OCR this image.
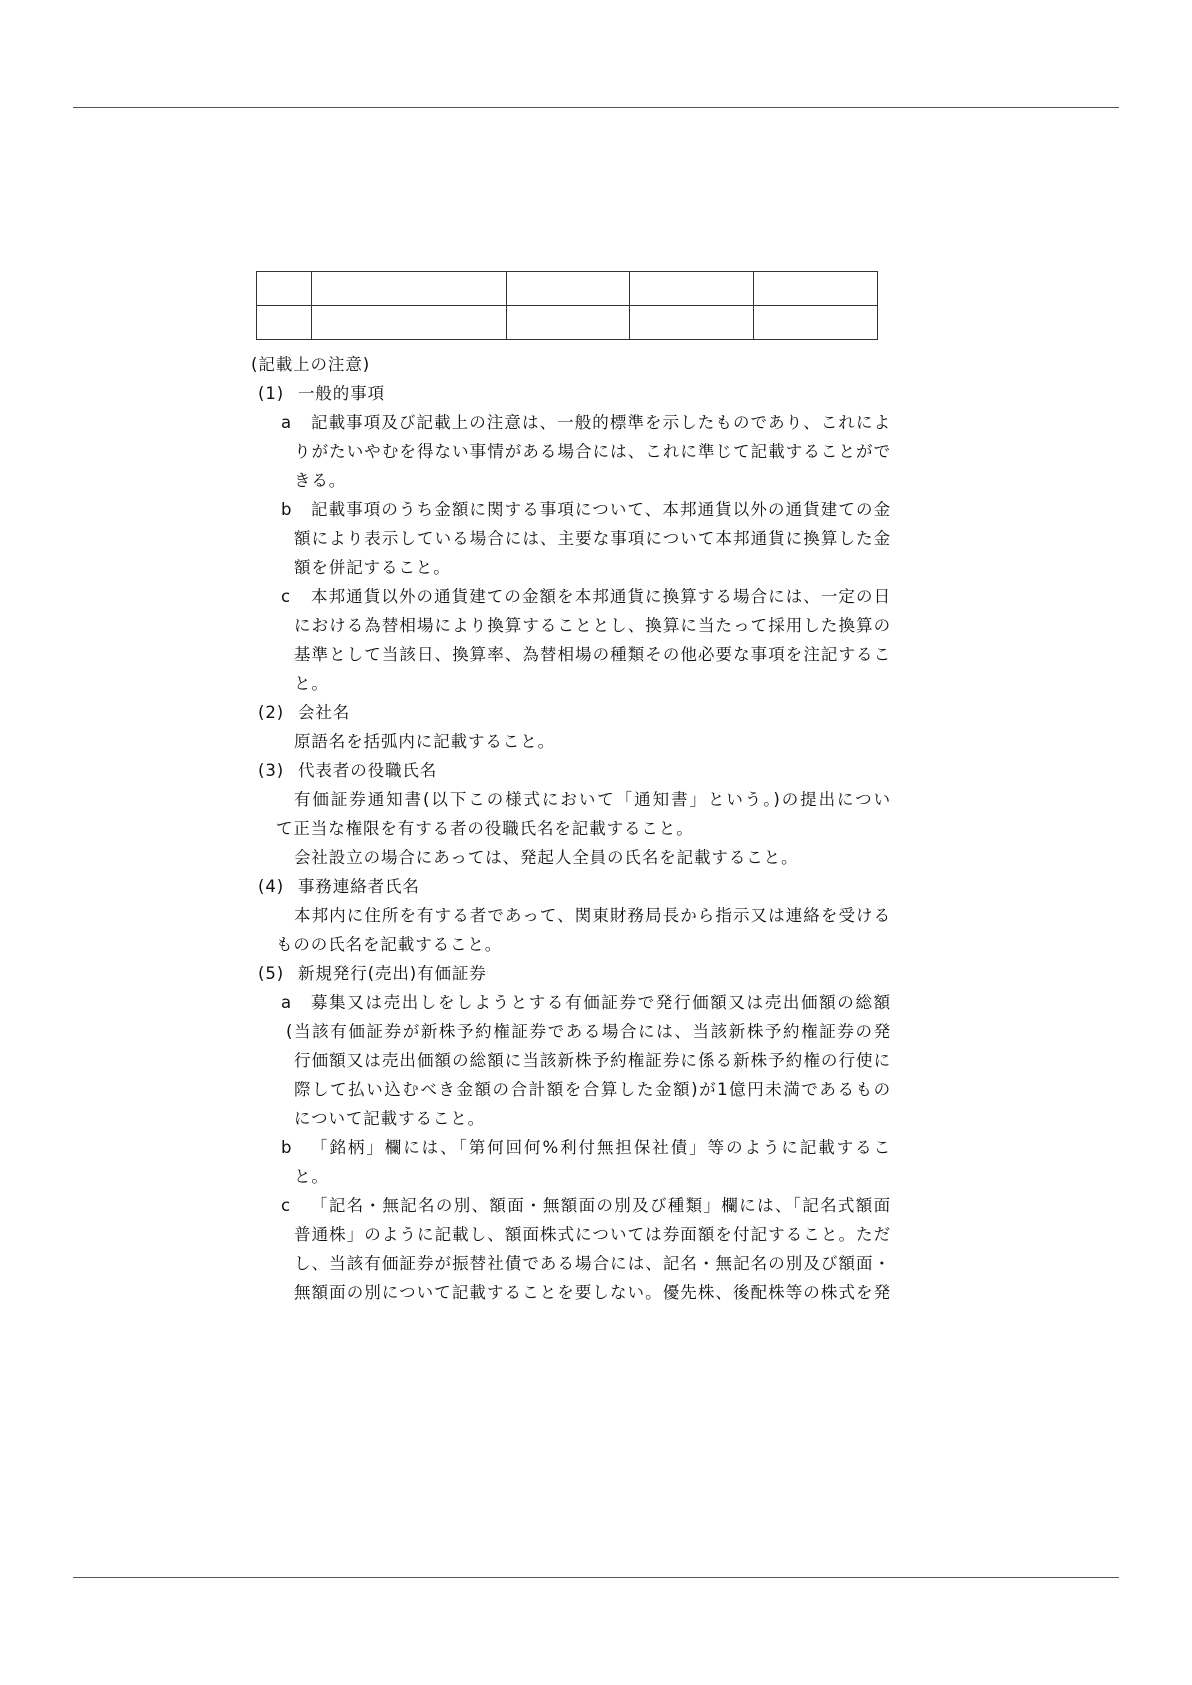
(記載上の注意)
(1) 一般的事項
a 記載事項及び記載上の注意は、一般的標準を示したものであり、これによ
りがたいやむを得ない事情がある場合には、これに準じて記載することがで
きる。
b 記載事項のうち金額に関する事項について、本邦通貨以外の通貨建ての金
額により表示している場合には、主要な事項について本邦通貨に換算した金
額を併記すること。
c 本邦通貨以外の通貨建ての金額を本邦通貨に換算する場合には、一定の日
における為替相場により換算することとし、換算に当たって採用した換算の
基準として当該日、換算率、為替相場の種類その他必要な事項を注記するこ
と。
(2) 会社名
原語名を括弧内に記載すること。
(3) 代表者の役職氏名
有価証券通知書(以下この様式において「通知書」という。)の提出につい
て正当な権限を有する者の役職氏名を記載すること。
会社設立の場合にあっては、発起人全員の氏名を記載すること。
(4) 事務連絡者氏名
本邦内に住所を有する者であって、関東財務局長から指示又は連絡を受ける
ものの氏名を記載すること。
(5) 新規発行(売出)有価証券
a 募集又は売出しをしようとする有価証券で発行価額又は売出価額の総額
(当該有価証券が新株予約権証券である場合には、当該新株予約権証券の発
行価額又は売出価額の総額に当該新株予約権証券に係る新株予約権の行使に
際して払い込むべき金額の合計額を合算した金額)が1億円未満であるもの
について記載すること。
b 「銘柄」欄には、「第何回何%利付無担保社債」等のように記載するこ
と。
c 「記名・無記名の別、額面・無額面の別及び種類」欄には、「記名式額面
普通株」のように記載し、額面株式については券面額を付記すること。ただ
し、当該有価証券が振替社債である場合には、記名・無記名の別及び額面・
無額面の別について記載することを要しない。優先株、後配株等の株式を発
